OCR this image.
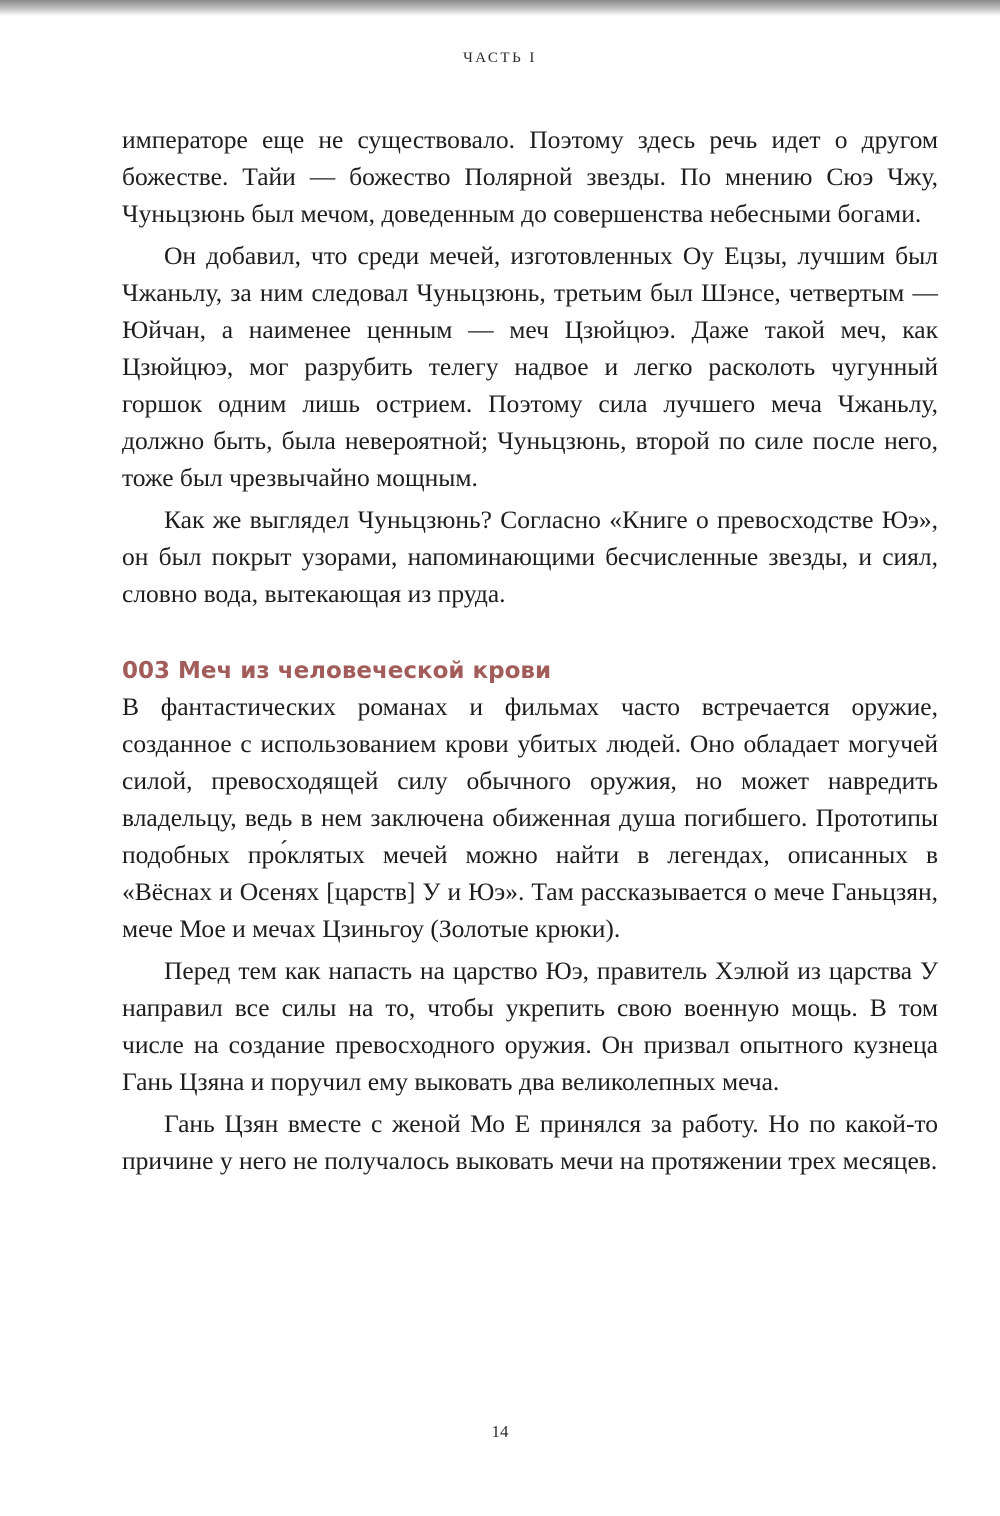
ЧАСТЬ I

императоре еще не существовало. Поэтому здесь речь идет о другом божестве. Тайи — божество Полярной звезды. По мнению Сюэ Чжу, Чуньцзюнь был мечом, доведенным до совершенства небесными богами.

Он добавил, что среди мечей, изготовленных Оу Ецзы, лучшим был Чжаньлу, за ним следовал Чуньцзюнь, третьим был Шэнсе, четвертым — Юйчан, а наименее ценным — меч Цзюйцюэ. Даже такой меч, как Цзюйцюэ, мог разрубить телегу надвое и легко расколоть чугунный горшок одним лишь острием. Поэтому сила лучшего меча Чжаньлу, должно быть, была невероятной; Чуньцзюнь, второй по силе после него, тоже был чрезвычайно мощным.

Как же выглядел Чуньцзюнь? Согласно «Книге о превосходстве Юэ», он был покрыт узорами, напоминающими бесчисленные звезды, и сиял, словно вода, вытекающая из пруда.

003 Меч из человеческой крови

В фантастических романах и фильмах часто встречается оружие, созданное с использованием крови убитых людей. Оно обладает могучей силой, превосходящей силу обычного оружия, но может навредить владельцу, ведь в нем заключена обиженная душа погибшего. Прототипы подобных про́клятых мечей можно найти в легендах, описанных в «Вёснах и Осенях [царств] У и Юэ». Там рассказывается о мече Ганьцзян, мече Мое и мечах Цзиньгоу (Золотые крюки).

Перед тем как напасть на царство Юэ, правитель Хэлюй из царства У направил все силы на то, чтобы укрепить свою военную мощь. В том числе на создание превосходного оружия. Он призвал опытного кузнеца Гань Цзяна и поручил ему выковать два великолепных меча.

Гань Цзян вместе с женой Мо Е принялся за работу. Но по какой-то причине у него не получалось выковать мечи на протяжении трех месяцев.

14
